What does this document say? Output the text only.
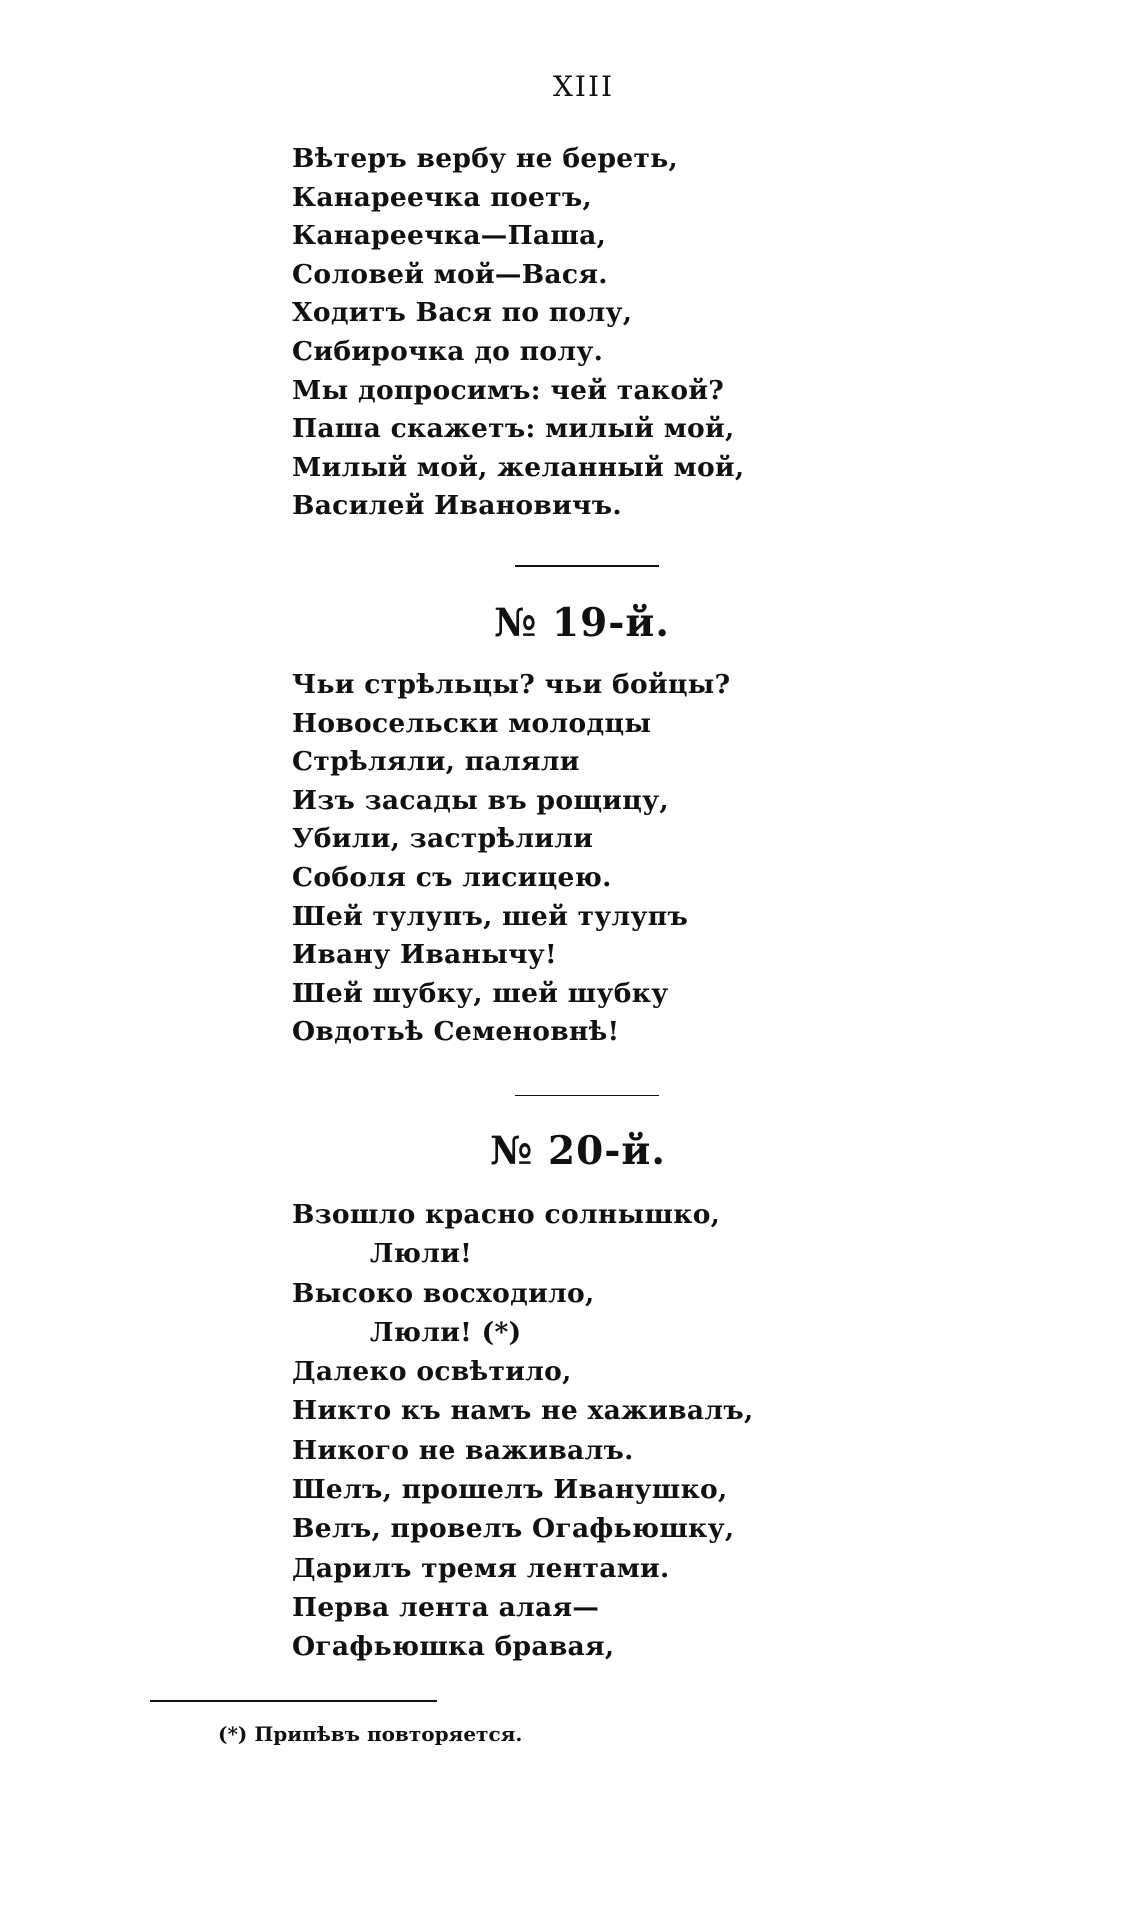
XIII
Вѣтеръ вербу не береть,
Канареечка поетъ,
Канареечка—Паша,
Соловей мой—Вася.
Ходитъ Вася по полу,
Сибирочка до полу.
Мы допросимъ: чей такой?
Паша скажетъ: милый мой,
Милый мой, желанный мой,
Василей Ивановичъ.
№ 19-й.
Чьи стрѣльцы? чьи бойцы?
Новосельски молодцы
Стрѣляли, паляли
Изъ засады въ рощицу,
Убили, застрѣлили
Соболя съ лисицею.
Шей тулупъ, шей тулупъ
Ивану Иванычу!
Шей шубку, шей шубку
Овдотьѣ Семеновнѣ!
№ 20-й.
Взошло красно солнышко,
Люли!
Высоко восходило,
Люли! (*)
Далеко освѣтило,
Никто къ намъ не хаживалъ,
Никого не важивалъ.
Шелъ, прошелъ Иванушко,
Велъ, провелъ Огафьюшку,
Дарилъ тремя лентами.
Перва лента алая—
Огафьюшка бравая,
(*) Припѣвъ повторяется.
